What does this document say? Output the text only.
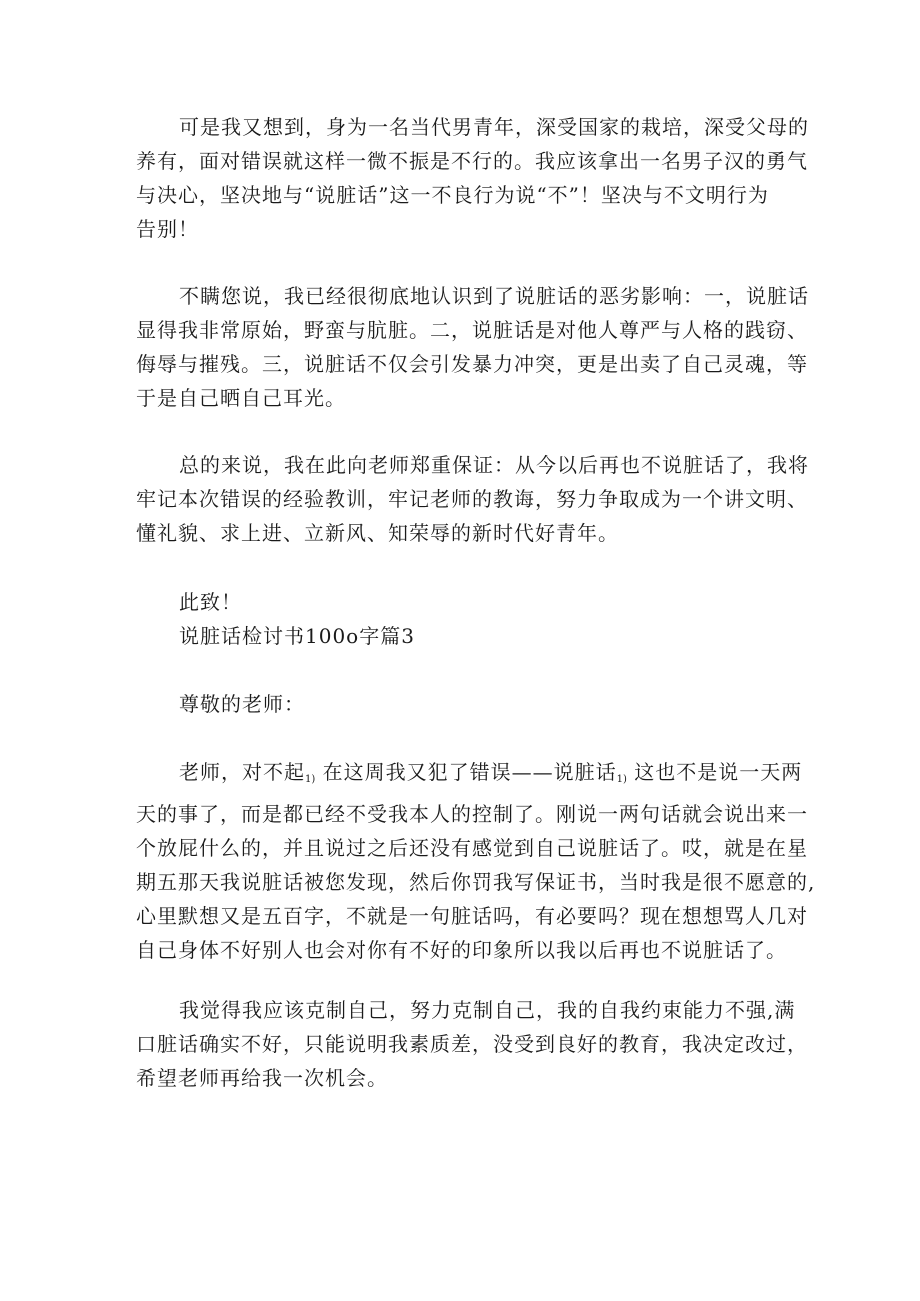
可是我又想到，身为一名当代男青年，深受国家的栽培，深受父母的
养有，面对错误就这样一微不振是不行的。我应该拿出一名男子汉的勇气
与决心，坚决地与“说脏话”这一不良行为说“不”！坚决与不文明行为
告别！

不瞒您说，我已经很彻底地认识到了说脏话的恶劣影响：一，说脏话
显得我非常原始，野蛮与肮脏。二，说脏话是对他人尊严与人格的践窃、
侮辱与摧残。三，说脏话不仅会引发暴力冲突，更是出卖了自己灵魂，等
于是自己晒自己耳光。

总的来说，我在此向老师郑重保证：从今以后再也不说脏话了，我将
牢记本次错误的经验教训，牢记老师的教诲，努力争取成为一个讲文明、
懂礼貌、求上进、立新风、知荣辱的新时代好青年。

此致！

说脏话检讨书100o字篇3

尊敬的老师：

老师，对不起$_{1)}$ 在这周我又犯了错误——说脏话$_{1)}$ 这也不是说一天两
天的事了，而是都已经不受我本人的控制了。刚说一两句话就会说出来一
个放屁什么的，并且说过之后还没有感觉到自己说脏话了。哎，就是在星
期五那天我说脏话被您发现，然后你罚我写保证书，当时我是很不愿意的,
心里默想又是五百字，不就是一句脏话吗，有必要吗？现在想想骂人几对
自己身体不好别人也会对你有不好的印象所以我以后再也不说脏话了。

我觉得我应该克制自己，努力克制自己，我的自我约束能力不强,满
口脏话确实不好，只能说明我素质差，没受到良好的教育，我决定改过，
希望老师再给我一次机会。
